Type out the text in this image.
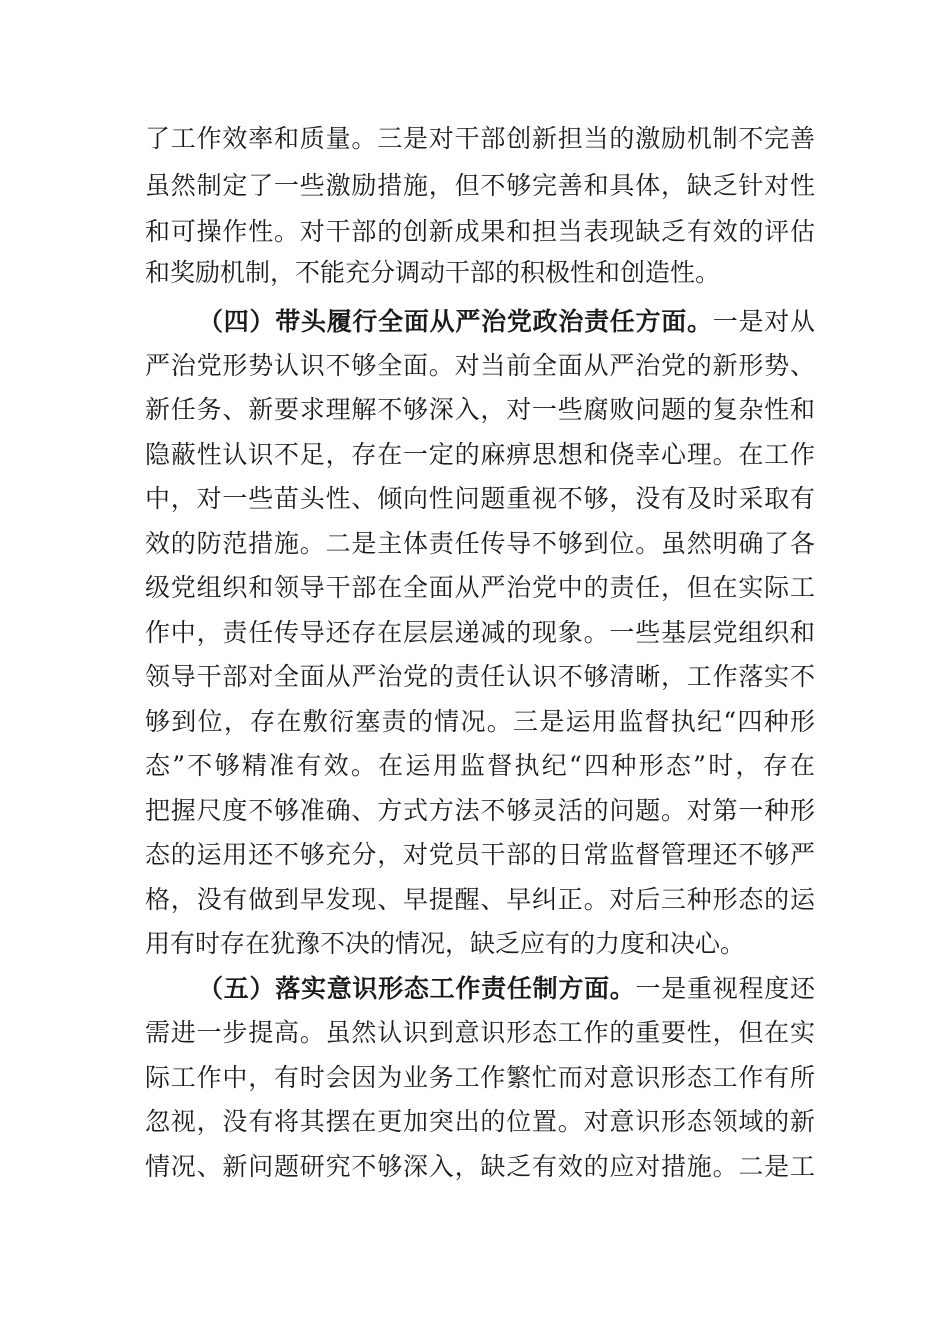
了工作效率和质量。三是对干部创新担当的激励机制不完善
虽然制定了一些激励措施，但不够完善和具体，缺乏针对性
和可操作性。对干部的创新成果和担当表现缺乏有效的评估
和奖励机制，不能充分调动干部的积极性和创造性。
（四）带头履行全面从严治党政治责任方面。一是对从
严治党形势认识不够全面。对当前全面从严治党的新形势、
新任务、新要求理解不够深入，对一些腐败问题的复杂性和
隐蔽性认识不足，存在一定的麻痹思想和侥幸心理。在工作
中，对一些苗头性、倾向性问题重视不够，没有及时采取有
效的防范措施。二是主体责任传导不够到位。虽然明确了各
级党组织和领导干部在全面从严治党中的责任，但在实际工
作中，责任传导还存在层层递减的现象。一些基层党组织和
领导干部对全面从严治党的责任认识不够清晰，工作落实不
够到位，存在敷衍塞责的情况。三是运用监督执纪“四种形
态”不够精准有效。在运用监督执纪“四种形态”时，存在
把握尺度不够准确、方式方法不够灵活的问题。对第一种形
态的运用还不够充分，对党员干部的日常监督管理还不够严
格，没有做到早发现、早提醒、早纠正。对后三种形态的运
用有时存在犹豫不决的情况，缺乏应有的力度和决心。
（五）落实意识形态工作责任制方面。一是重视程度还
需进一步提高。虽然认识到意识形态工作的重要性，但在实
际工作中，有时会因为业务工作繁忙而对意识形态工作有所
忽视，没有将其摆在更加突出的位置。对意识形态领域的新
情况、新问题研究不够深入，缺乏有效的应对措施。二是工
